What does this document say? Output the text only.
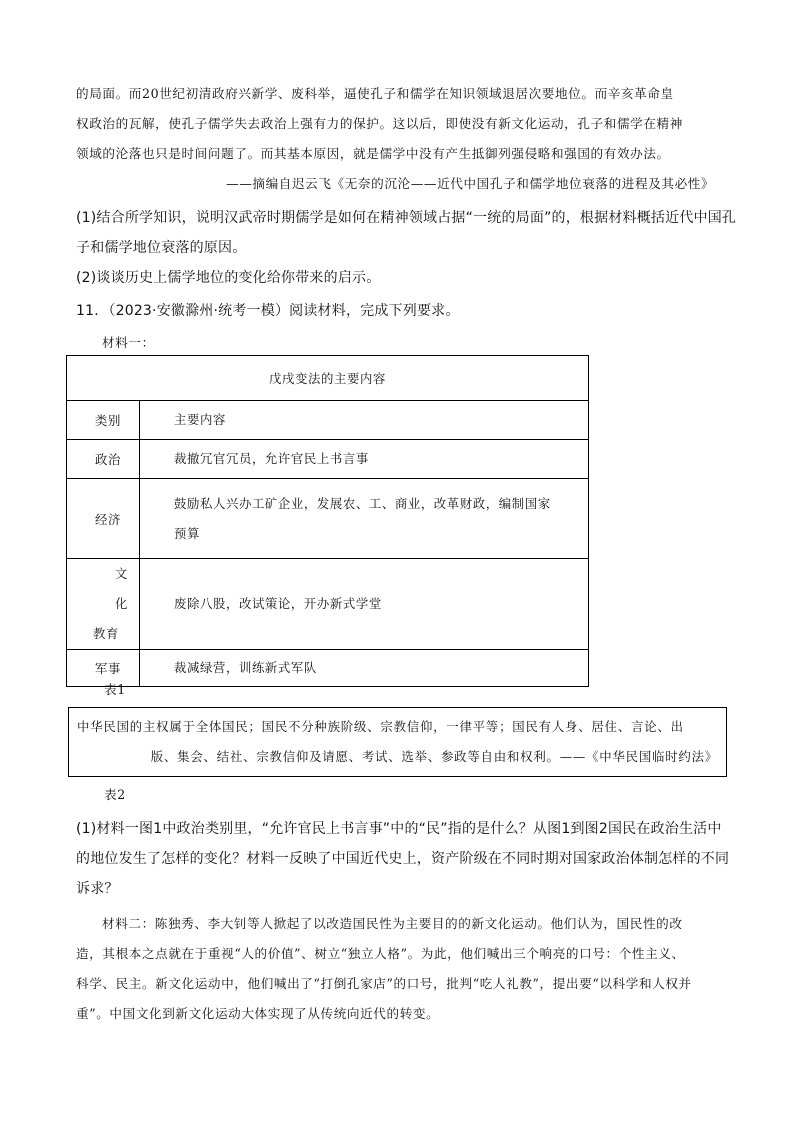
的局面。而20世纪初清政府兴新学、废科举，逼使孔子和儒学在知识领域退居次要地位。而辛亥革命皇
权政治的瓦解，使孔子儒学失去政治上强有力的保护。这以后，即使没有新文化运动，孔子和儒学在精神
领域的沦落也只是时间问题了。而其基本原因，就是儒学中没有产生抵御列强侵略和强国的有效办法。
——摘编自迟云飞《无奈的沉沦——近代中国孔子和儒学地位衰落的进程及其必性》
(1)结合所学知识，说明汉武帝时期儒学是如何在精神领域占据“一统的局面”的，根据材料概括近代中国孔
子和儒学地位衰落的原因。
(2)谈谈历史上儒学地位的变化给你带来的启示。
11．（2023·安徽滁州·统考一模）阅读材料，完成下列要求。
材料一：
戊戌变法的主要内容	
类别	主要内容
政治	裁撤冗官冗员，允许官民上书言事
经济	鼓励私人兴办工矿企业，发展农、工、商业，改革财政，编制国家
预算

文化
教育	废除八股，改试策论，开办新式学堂
军事	裁减绿营，训练新式军队
表1
中华民国的主权属于全体国民；国民不分种族阶级、宗教信仰，一律平等；国民有人身、居住、言论、出
版、集会、结社、宗教信仰及请愿、考试、选举、参政等自由和权利。——《中华民国临时约法》
表2
(1)材料一图1中政治类别里，“允许官民上书言事”中的“民”指的是什么？从图1到图2国民在政治生活中
的地位发生了怎样的变化？材料一反映了中国近代史上，资产阶级在不同时期对国家政治体制怎样的不同
诉求？
材料二：陈独秀、李大钊等人掀起了以改造国民性为主要目的的新文化运动。他们认为，国民性的改
造，其根本之点就在于重视“人的价值”、树立“独立人格”。为此，他们喊出三个响亮的口号：个性主义、
科学、民主。新文化运动中，他们喊出了“打倒孔家店”的口号，批判“吃人礼教”，提出要“以科学和人权并
重”。中国文化到新文化运动大体实现了从传统向近代的转变。
